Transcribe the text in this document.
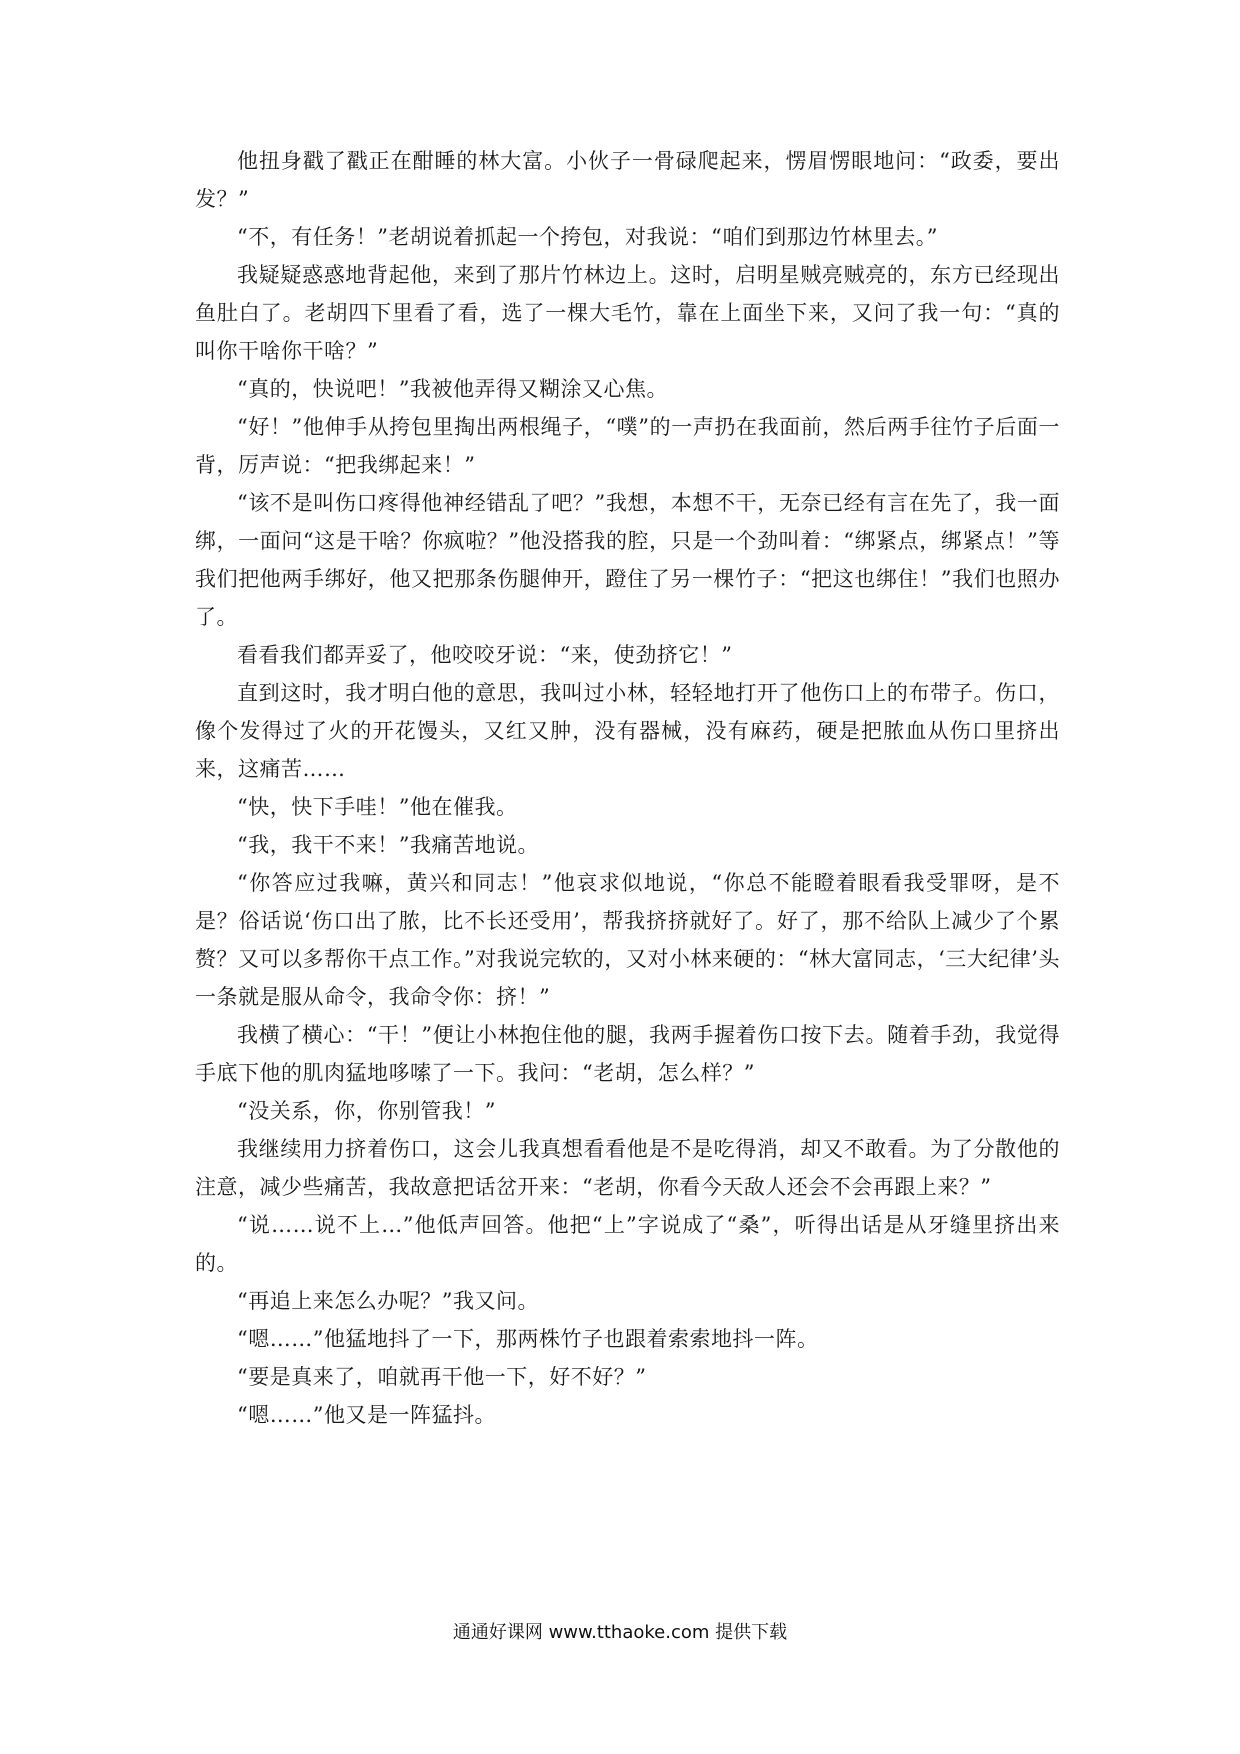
他扭身戳了戳正在酣睡的林大富。小伙子一骨碌爬起来，愣眉愣眼地问：“政委，要出发？”

“不，有任务！”老胡说着抓起一个挎包，对我说：“咱们到那边竹林里去。”

我疑疑惑惑地背起他，来到了那片竹林边上。这时，启明星贼亮贼亮的，东方已经现出鱼肚白了。老胡四下里看了看，选了一棵大毛竹，靠在上面坐下来，又问了我一句：“真的叫你干啥你干啥？”

“真的，快说吧！”我被他弄得又糊涂又心焦。

“好！”他伸手从挎包里掏出两根绳子，“噗”的一声扔在我面前，然后两手往竹子后面一背，厉声说：“把我绑起来！”

“该不是叫伤口疼得他神经错乱了吧？”我想，本想不干，无奈已经有言在先了，我一面绑，一面问“这是干啥？你疯啦？”他没搭我的腔，只是一个劲叫着：“绑紧点，绑紧点！”等我们把他两手绑好，他又把那条伤腿伸开，蹬住了另一棵竹子：“把这也绑住！”我们也照办了。

看看我们都弄妥了，他咬咬牙说：“来，使劲挤它！”

直到这时，我才明白他的意思，我叫过小林，轻轻地打开了他伤口上的布带子。伤口，像个发得过了火的开花馒头，又红又肿，没有器械，没有麻药，硬是把脓血从伤口里挤出来，这痛苦……

“快，快下手哇！”他在催我。

“我，我干不来！”我痛苦地说。

“你答应过我嘛，黄兴和同志！”他哀求似地说，“你总不能瞪着眼看我受罪呀，是不是？俗话说‘伤口出了脓，比不长还受用’，帮我挤挤就好了。好了，那不给队上减少了个累赘？又可以多帮你干点工作。”对我说完软的，又对小林来硬的：“林大富同志，‘三大纪律’头一条就是服从命令，我命令你：挤！”

我横了横心：“干！”便让小林抱住他的腿，我两手握着伤口按下去。随着手劲，我觉得手底下他的肌肉猛地哆嗦了一下。我问：“老胡，怎么样？”

“没关系，你，你别管我！”

我继续用力挤着伤口，这会儿我真想看看他是不是吃得消，却又不敢看。为了分散他的注意，减少些痛苦，我故意把话岔开来：“老胡，你看今天敌人还会不会再跟上来？”

“说……说不上…”他低声回答。他把“上”字说成了“桑”，听得出话是从牙缝里挤出来的。

“再追上来怎么办呢？”我又问。

“嗯……”他猛地抖了一下，那两株竹子也跟着索索地抖一阵。

“要是真来了，咱就再干他一下，好不好？”

“嗯……”他又是一阵猛抖。

通通好课网 www.tthaoke.com 提供下载
